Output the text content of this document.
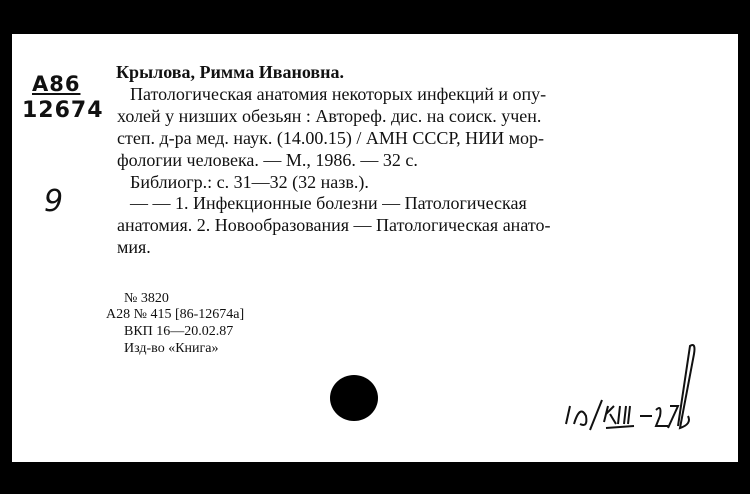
A86
12674
Крылова, Римма Ивановна.
Патологическая анатомия некоторых инфекций и опу-
холей у низших обезьян : Автореф. дис. на соиск. учен.
степ. д-ра мед. наук. (14.00.15) / АМН СССР, НИИ мор-
фологии человека. — М., 1986. — 32 с.
Библиогр.: с. 31—32 (32 назв.).
— — 1. Инфекционные болезни — Патологическая
анатомия. 2. Новообразования — Патологическая анато-
мия.
9
№ 3820
A28 № 415 [86-12674a]
ВКП 16—20.02.87
Изд-во «Книга»
